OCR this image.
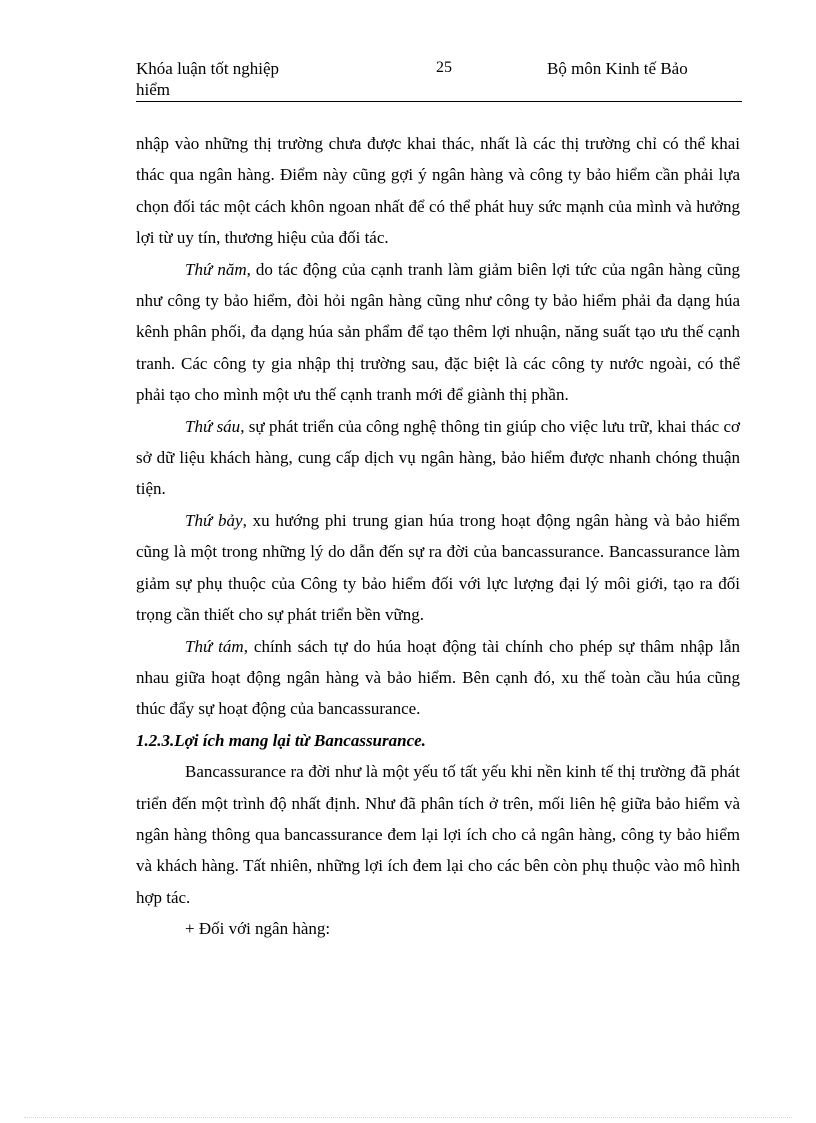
Khóa luận tốt nghiệp
hiểm
25	Bộ môn Kinh tế Bảo

nhập vào những thị trường chưa được khai thác, nhất là các thị trường chỉ có thể khai thác qua ngân hàng. Điểm này cũng gợi ý ngân hàng và công ty bảo hiểm cần phải lựa chọn đối tác một cách khôn ngoan nhất để có thể phát huy sức mạnh của mình và hưởng lợi từ uy tín, thương hiệu của đối tác.

Thứ năm, do tác động của cạnh tranh làm giảm biên lợi tức của ngân hàng cũng như công ty bảo hiểm, đòi hỏi ngân hàng cũng như công ty bảo hiểm phải đa dạng húa kênh phân phối, đa dạng húa sản phẩm để tạo thêm lợi nhuận, năng suất tạo ưu thế cạnh tranh. Các công ty gia nhập thị trường sau, đặc biệt là các công ty nước ngoài, có thể phải tạo cho mình một ưu thế cạnh tranh mới để giành thị phần.

Thứ sáu, sự phát triển của công nghệ thông tin giúp cho việc lưu trữ, khai thác cơ sở dữ liệu khách hàng, cung cấp dịch vụ ngân hàng, bảo hiểm được nhanh chóng thuận tiện.

Thứ bảy, xu hướng phi trung gian húa trong hoạt động ngân hàng và bảo hiểm cũng là một trong những lý do dẫn đến sự ra đời của bancassurance. Bancassurance làm giảm sự phụ thuộc của Công ty bảo hiểm đối với lực lượng đại lý môi giới, tạo ra đối trọng cần thiết cho sự phát triển bền vững.

Thứ tám, chính sách tự do húa hoạt động tài chính cho phép sự thâm nhập lẫn nhau giữa hoạt động ngân hàng và bảo hiểm. Bên cạnh đó, xu thế toàn cầu húa cũng thúc đẩy sự hoạt động của bancassurance.

1.2.3.Lợi ích mang lại từ Bancassurance.

Bancassurance ra đời như là một yếu tố tất yếu khi nền kinh tế thị trường đã phát triển đến một trình độ nhất định. Như đã phân tích ở trên, mối liên hệ giữa bảo hiểm và ngân hàng thông qua bancassurance đem lại lợi ích cho cả ngân hàng, công ty bảo hiểm và khách hàng. Tất nhiên, những lợi ích đem lại cho các bên còn phụ thuộc vào mô hình hợp tác.

+ Đối với ngân hàng:
